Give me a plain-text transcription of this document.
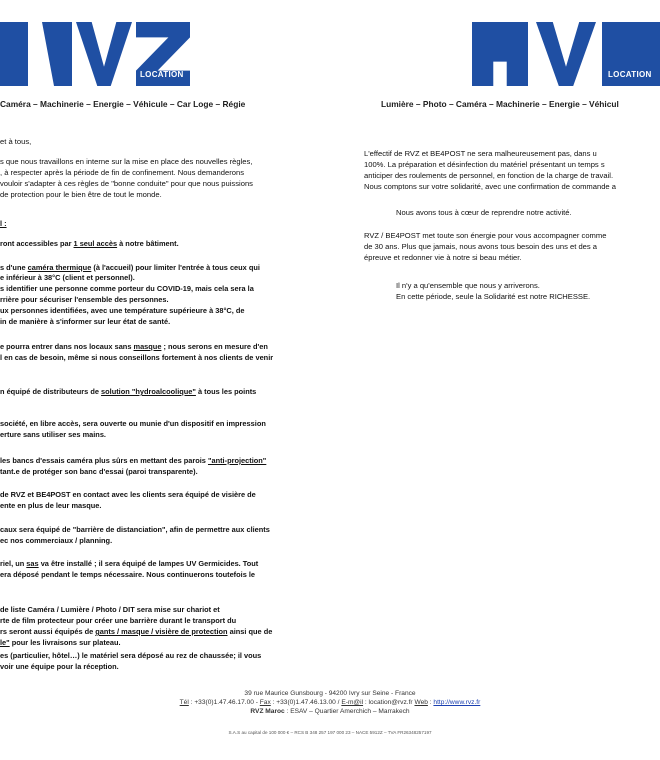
LOCATION	LOCATION
Caméra – Machinerie – Energie – Véhicule – Car Loge – Régie	Lumière – Photo – Caméra – Machinerie – Energie – Véhicul
et à tous,
s que nous travaillons en interne sur la mise en place des nouvelles règles,
, à respecter après la période de fin de confinement. Nous demanderons
vouloir s'adapter à ces règles de "bonne conduite" pour que nous puissions
de protection pour le bien être de tout le monde.
l :
ront accessibles par 1 seul accès à notre bâtiment.
s d'une caméra thermique (à l'accueil) pour limiter l'entrée à tous ceux qui
e inférieur à 38°C (client et personnel).
s identifier une personne comme porteur du COVID-19, mais cela sera la
rrière pour sécuriser l'ensemble des personnes.
ux personnes identifiées, avec une température supérieure à 38°C, de
in de manière à s'informer sur leur état de santé.
e pourra entrer dans nos locaux sans masque ; nous serons en mesure d'en
l en cas de besoin, même si nous conseillons fortement à nos clients de venir
n équipé de distributeurs de solution "hydroalcoolique" à tous les points
société, en libre accès, sera ouverte ou munie d'un dispositif en impression
erture sans utiliser ses mains.
les bancs d'essais caméra plus sûrs en mettant des parois "anti-projection"
tant.e de protéger son banc d'essai (paroi transparente).
de RVZ et BE4POST en contact avec les clients sera équipé de visière de
ente en plus de leur masque.
caux sera équipé de "barrière de distanciation", afin de permettre aux clients
ec nos commerciaux / planning.
riel, un sas va être installé ; il sera équipé de lampes UV Germicides. Tout
era déposé pendant le temps nécessaire. Nous continuerons toutefois le
de liste Caméra / Lumière / Photo / DIT sera mise sur chariot et
rte de film protecteur pour créer une barrière durant le transport du
rs seront aussi équipés de gants / masque / visière de protection ainsi que de
le" pour les livraisons sur plateau.
es (particulier, hôtel…) le matériel sera déposé au rez de chaussée; il vous
voir une équipe pour la réception.
L'effectif de RVZ et BE4POST ne sera malheureusement pas, dans u
100%. La préparation et désinfection du matériel présentant un temps s
anticiper des roulements de personnel, en fonction de la charge de travail.
Nous comptons sur votre solidarité, avec une confirmation de commande a
Nous avons tous à cœur de reprendre notre activité.
RVZ / BE4POST met toute son énergie pour vous accompagner comme
de 30 ans. Plus que jamais, nous avons tous besoin des uns et des a
épreuve et redonner vie à notre si beau métier.
Il n'y a qu'ensemble que nous y arriverons.
En cette période, seule la Solidarité est notre RICHESSE.
39 rue Maurice Gunsbourg - 94200 Ivry sur Seine - France
Tél : +33(0)1.47.46.17.00 - Fax : +33(0)1.47.46.13.00 / E-m@il : location@rvz.fr Web : http://www.rvz.fr
RVZ Maroc : ESAV – Quartier Amerchich – Marrakech
S.A.S au capital de 100 000 € – RCS B 348 257 197 000 23 – NACE 5912Z – TVA FR26348257197
